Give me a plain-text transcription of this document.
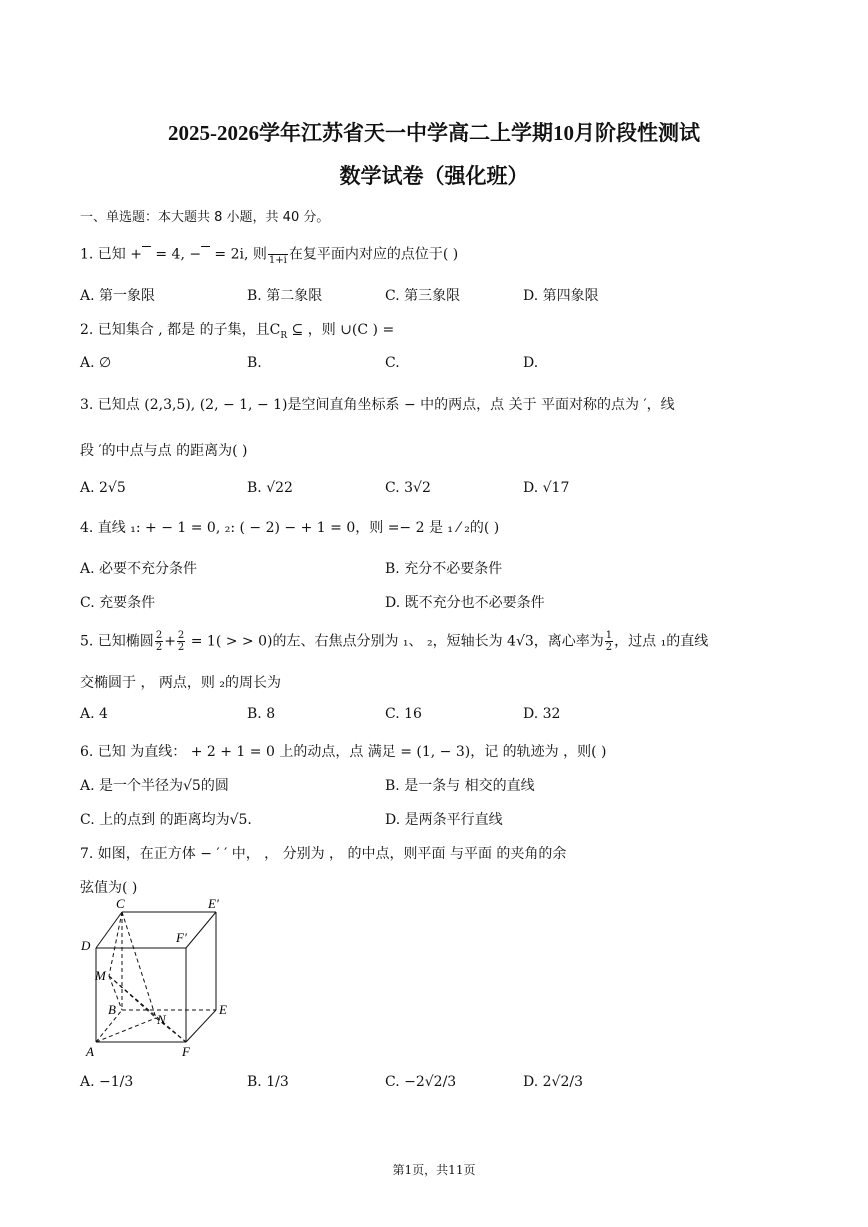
2025-2026学年江苏省天一中学高二上学期10月阶段性测试
数学试卷（强化班）
一、单选题：本大题共 8 小题，共 40 分。
1. 已知 +   = 4, −   = 2i, 则
1+i 在复平面内对应的点位于( )
A. 第一象限	B. 第二象限	C. 第三象限	D. 第四象限
2. 已知集合 , 都是 的子集，且$C_R$ ⊆ ，则 ∪(C ) =
A. ∅	B.	C.	D.
3. 已知点 (2,3,5), (2, − 1, − 1)是空间直角坐标系 − 中的两点，点 关于 平面对称的点为 ′，线
段 ′的中点与点 的距离为( )
A. 2√5	B. √22	C. 3√2	D. √17
4. 直线 ₁: + − 1 = 0, ₂: ( − 2) − + 1 = 0，则 =− 2 是 ₁ ⁄ ₂的( )
A. 必要不充分条件	B. 充分不必要条件
C. 充要条件	D. 既不充分也不必要条件
5. 已知椭圆 $\frac{2}{2} + \frac{2}{2} = 1$( > > 0)的左、右焦点分别为 ₁、 ₂，短轴长为 4√3，离心率为 $\frac{1}{2}$ ，过点 ₁的直线
交椭圆于 ， 两点，则 ₂的周长为
A. 4	B. 8	C. 16	D. 32
6. 已知 为直线： + 2 + 1 = 0 上的动点，点 满足 = (1, − 3)，记 的轨迹为 ，则( )
A. 是一个半径为√5的圆	B. 是一条与 相交的直线
C. 上的点到 的距离均为√5.	D. 是两条平行直线
7. 如图，在正方体 − ′ ′ 中， ， 分别为 ， 的中点，则平面 与平面 的夹角的余
弦值为( )
C	E′
D
F′
M
B
N
E
A	F
A. −1/3	B. 1/3	C. −2√2/3	D. 2√2/3
第1页，共11页
